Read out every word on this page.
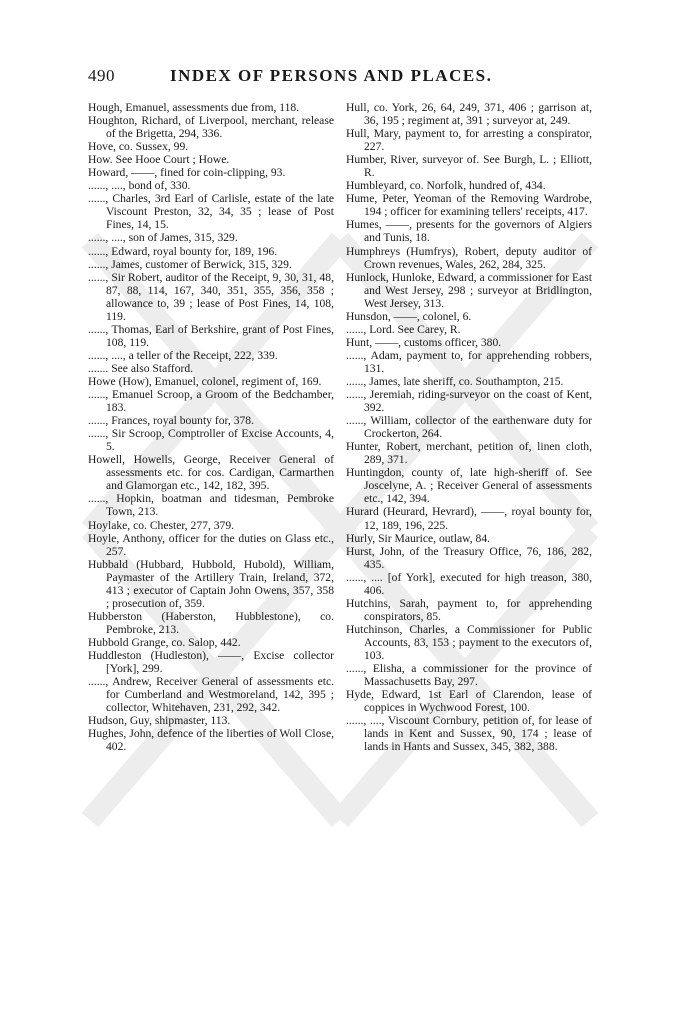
490	INDEX OF PERSONS AND PLACES.
Hough, Emanuel, assessments due from, 118.
Houghton, Richard, of Liverpool, merchant, release of the Brigetta, 294, 336.
Hove, co. Sussex, 99.
How. See Hooe Court ; Howe.
Howard, ——, fined for coin-clipping, 93.
......, ...., bond of, 330.
......, Charles, 3rd Earl of Carlisle, estate of the late Viscount Preston, 32, 34, 35 ; lease of Post Fines, 14, 15.
......, ...., son of James, 315, 329.
......, Edward, royal bounty for, 189, 196.
......, James, customer of Berwick, 315, 329.
......, Sir Robert, auditor of the Receipt, 9, 30, 31, 48, 87, 88, 114, 167, 340, 351, 355, 356, 358 ; allowance to, 39 ; lease of Post Fines, 14, 108, 119.
......, Thomas, Earl of Berkshire, grant of Post Fines, 108, 119.
......, ...., a teller of the Receipt, 222, 339.
....... See also Stafford.
Howe (How), Emanuel, colonel, regiment of, 169.
......, Emanuel Scroop, a Groom of the Bedchamber, 183.
......, Frances, royal bounty for, 378.
......, Sir Scroop, Comptroller of Excise Accounts, 4, 5.
Howell, Howells, George, Receiver General of assessments etc. for cos. Cardigan, Carmarthen and Glamorgan etc., 142, 182, 395.
......, Hopkin, boatman and tidesman, Pembroke Town, 213.
Hoylake, co. Chester, 277, 379.
Hoyle, Anthony, officer for the duties on Glass etc., 257.
Hubbald (Hubbard, Hubbold, Hubold), William, Paymaster of the Artillery Train, Ireland, 372, 413 ; executor of Captain John Owens, 357, 358 ; prosecution of, 359.
Hubberston (Haberston, Hubblestone), co. Pembroke, 213.
Hubbold Grange, co. Salop, 442.
Huddleston (Hudleston), ——, Excise collector [York], 299.
......, Andrew, Receiver General of assessments etc. for Cumberland and Westmoreland, 142, 395 ; collector, Whitehaven, 231, 292, 342.
Hudson, Guy, shipmaster, 113.
Hughes, John, defence of the liberties of Woll Close, 402.
Hull, co. York, 26, 64, 249, 371, 406 ; garrison at, 36, 195 ; regiment at, 391 ; surveyor at, 249.
Hull, Mary, payment to, for arresting a conspirator, 227.
Humber, River, surveyor of. See Burgh, L. ; Elliott, R.
Humbleyard, co. Norfolk, hundred of, 434.
Hume, Peter, Yeoman of the Removing Wardrobe, 194 ; officer for examining tellers' receipts, 417.
Humes, ——, presents for the governors of Algiers and Tunis, 18.
Humphreys (Humfrys), Robert, deputy auditor of Crown revenues, Wales, 262, 284, 325.
Hunlock, Hunloke, Edward, a commissioner for East and West Jersey, 298 ; surveyor at Bridlington, West Jersey, 313.
Hunsdon, ——, colonel, 6.
......, Lord. See Carey, R.
Hunt, ——, customs officer, 380.
......, Adam, payment to, for apprehending robbers, 131.
......, James, late sheriff, co. Southampton, 215.
......, Jeremiah, riding-surveyor on the coast of Kent, 392.
......, William, collector of the earthenware duty for Crockerton, 264.
Hunter, Robert, merchant, petition of, linen cloth, 289, 371.
Huntingdon, county of, late high-sheriff of. See Joscelyne, A. ; Receiver General of assessments etc., 142, 394.
Hurard (Heurard, Hevrard), ——, royal bounty for, 12, 189, 196, 225.
Hurly, Sir Maurice, outlaw, 84.
Hurst, John, of the Treasury Office, 76, 186, 282, 435.
......, .... [of York], executed for high treason, 380, 406.
Hutchins, Sarah, payment to, for apprehending conspirators, 85.
Hutchinson, Charles, a Commissioner for Public Accounts, 83, 153 ; payment to the executors of, 103.
......, Elisha, a commissioner for the province of Massachusetts Bay, 297.
Hyde, Edward, 1st Earl of Clarendon, lease of coppices in Wychwood Forest, 100.
......, ...., Viscount Cornbury, petition of, for lease of lands in Kent and Sussex, 90, 174 ; lease of lands in Hants and Sussex, 345, 382, 388.
